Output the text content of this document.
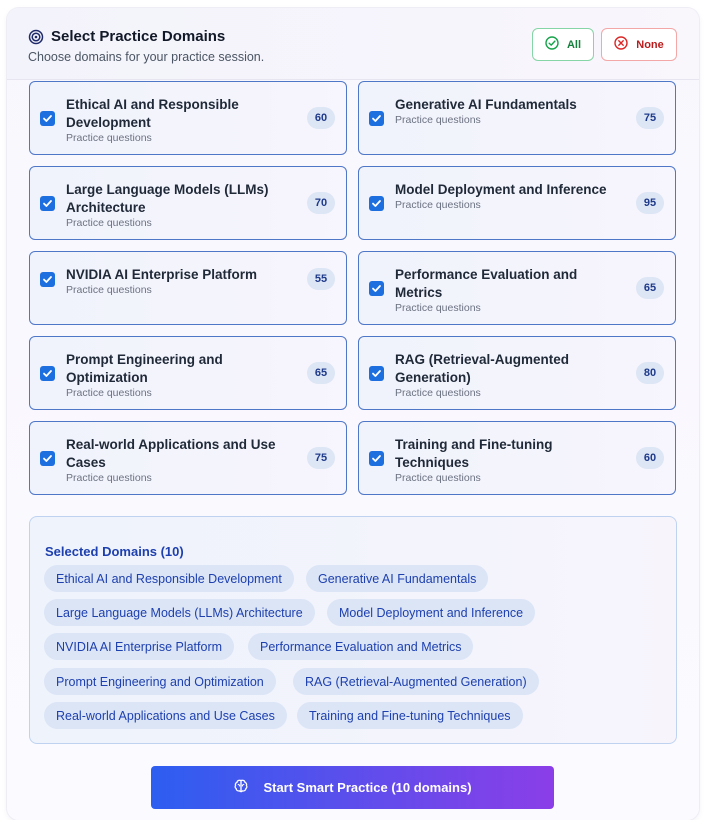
Select Practice Domains
Choose domains for your practice session.
All	None
Ethical AI and Responsible Development
Practice questions
60
Generative AI Fundamentals
Practice questions	75
Large Language Models (LLMs) Architecture
Practice questions
70
Model Deployment and Inference
Practice questions	95
NVIDIA AI Enterprise Platform
Practice questions
55	Performance Evaluation and Metrics
Practice questions
65
Prompt Engineering and Optimization
Practice questions
65
RAG (Retrieval-Augmented Generation)
Practice questions
80
Real-world Applications and Use Cases
Practice questions
75
Training and Fine-tuning Techniques
Practice questions
60
Selected Domains (10)
Ethical AI and Responsible Development	Generative AI Fundamentals
Large Language Models (LLMs) Architecture	Model Deployment and Inference
NVIDIA AI Enterprise Platform	Performance Evaluation and Metrics
Prompt Engineering and Optimization	RAG (Retrieval-Augmented Generation)
Real-world Applications and Use Cases	Training and Fine-tuning Techniques
Start Smart Practice (10 domains)
